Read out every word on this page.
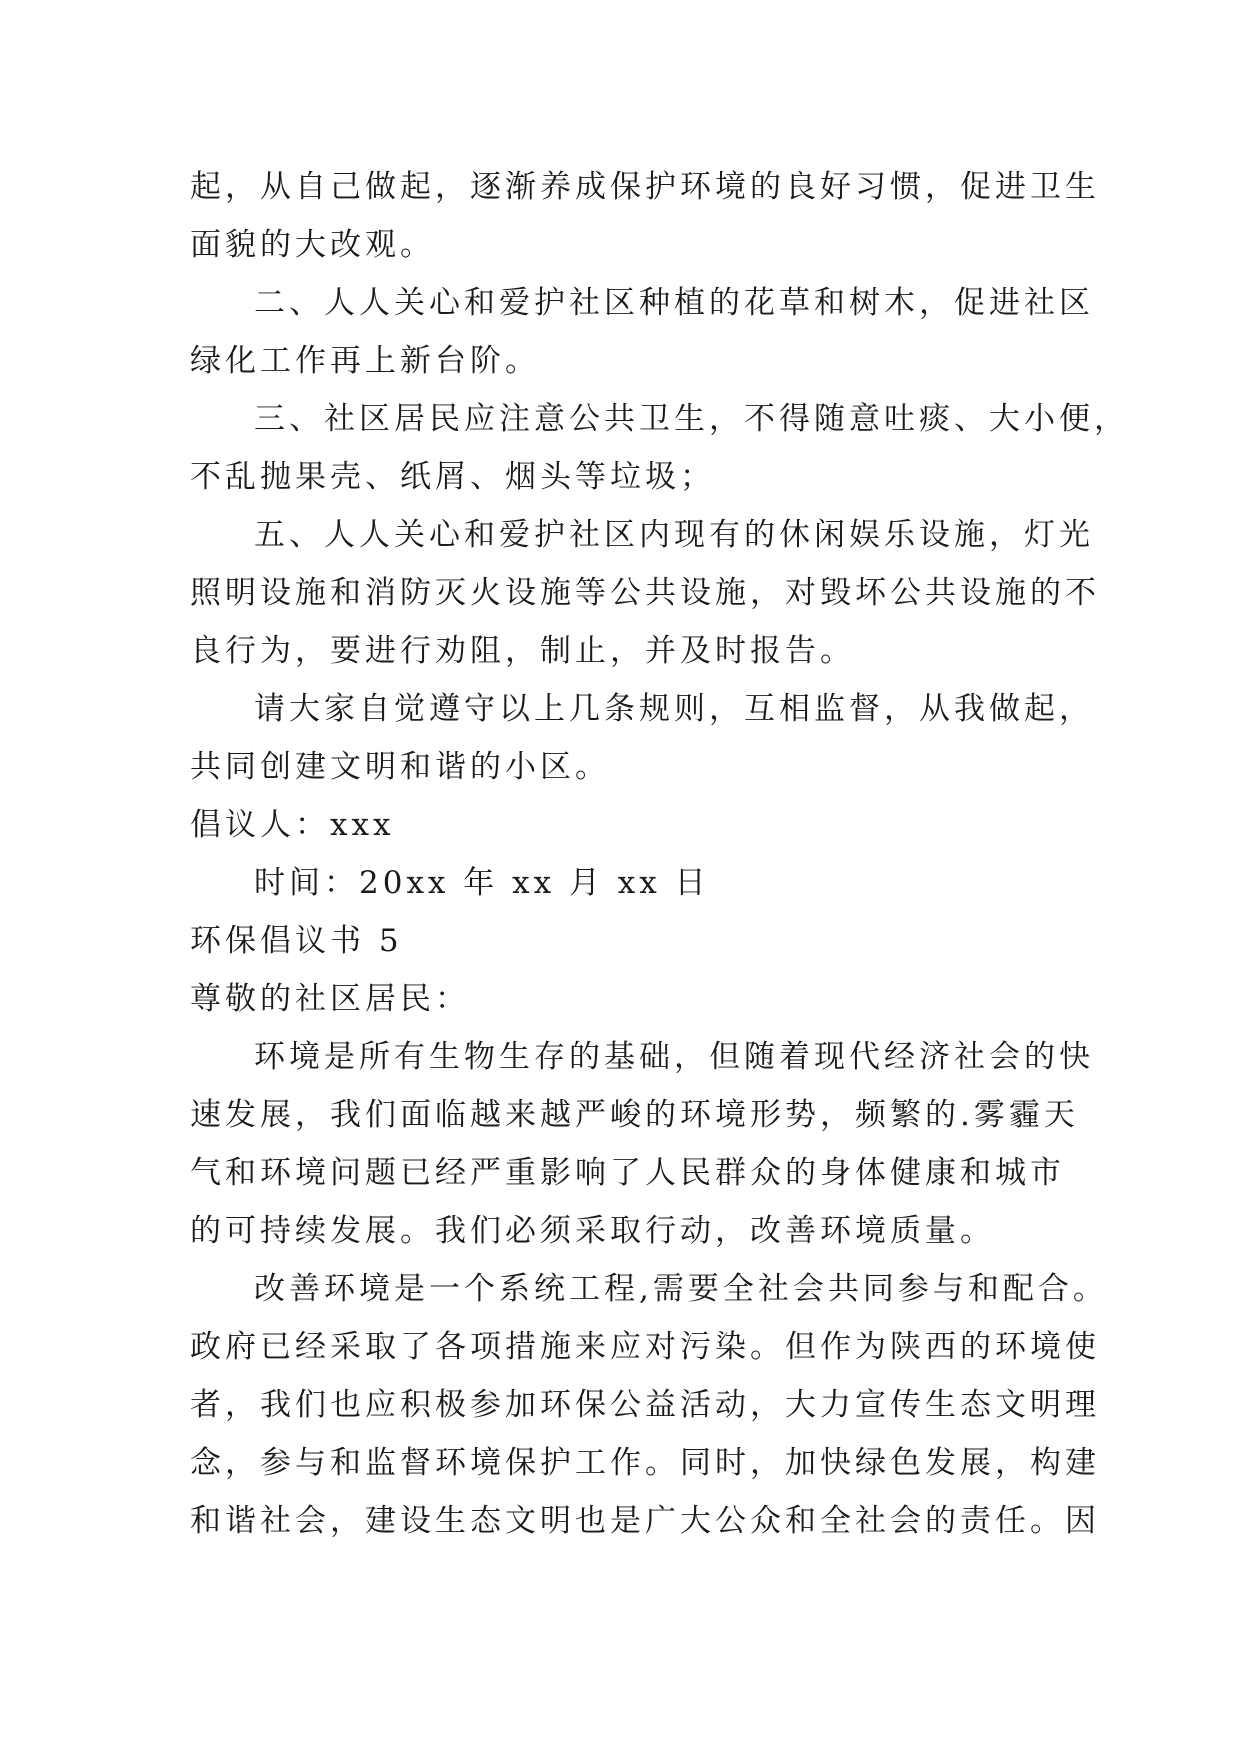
起，从自己做起，逐渐养成保护环境的良好习惯，促进卫生
面貌的大改观。
二、人人关心和爱护社区种植的花草和树木，促进社区
绿化工作再上新台阶。
三、社区居民应注意公共卫生，不得随意吐痰、大小便，
不乱抛果壳、纸屑、烟头等垃圾；
五、人人关心和爱护社区内现有的休闲娱乐设施，灯光
照明设施和消防灭火设施等公共设施，对毁坏公共设施的不
良行为，要进行劝阻，制止，并及时报告。
请大家自觉遵守以上几条规则，互相监督，从我做起，
共同创建文明和谐的小区。
倡议人：xxx
时间：20xx 年 xx 月 xx 日
环保倡议书 5
尊敬的社区居民：
环境是所有生物生存的基础，但随着现代经济社会的快
速发展，我们面临越来越严峻的环境形势，频繁的.雾霾天
气和环境问题已经严重影响了人民群众的身体健康和城市
的可持续发展。我们必须采取行动，改善环境质量。
改善环境是一个系统工程,需要全社会共同参与和配合。
政府已经采取了各项措施来应对污染。但作为陕西的环境使
者，我们也应积极参加环保公益活动，大力宣传生态文明理
念，参与和监督环境保护工作。同时，加快绿色发展，构建
和谐社会，建设生态文明也是广大公众和全社会的责任。因
